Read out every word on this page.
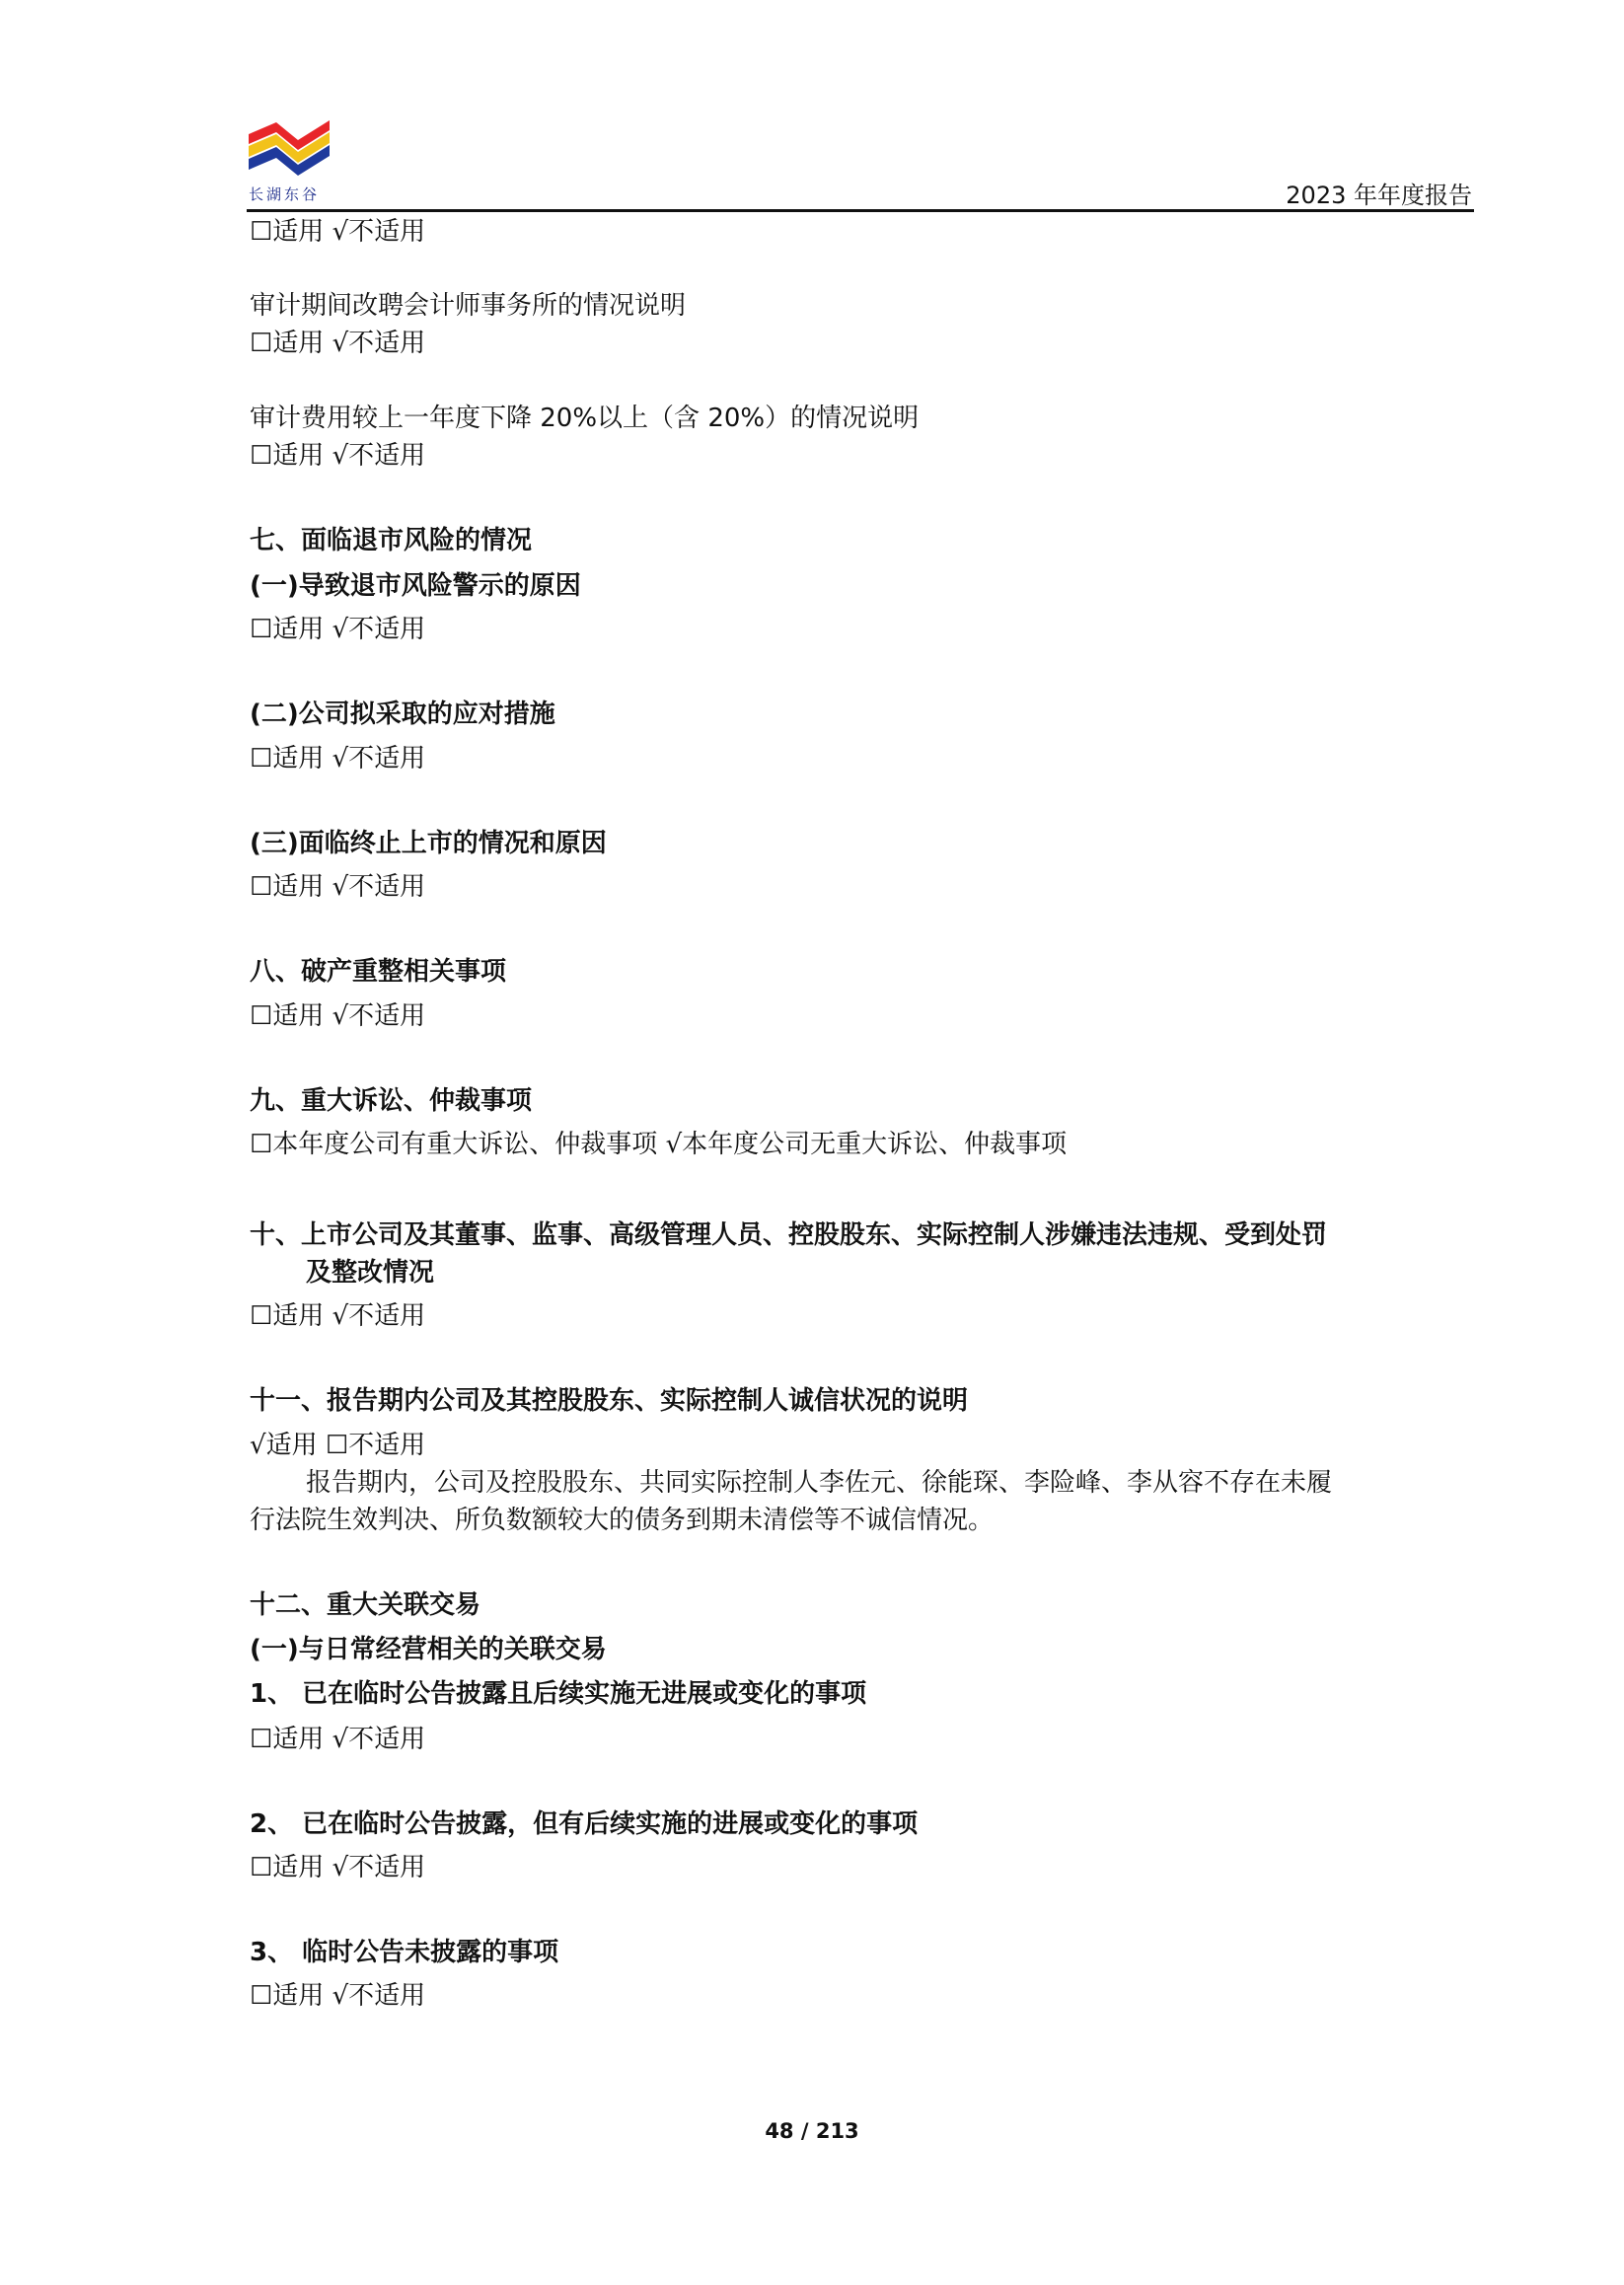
长湖东谷	2023 年年度报告
☐适用 √不适用
审计期间改聘会计师事务所的情况说明
☐适用 √不适用
审计费用较上一年度下降 20%以上（含 20%）的情况说明
☐适用 √不适用
七、面临退市风险的情况
(一)导致退市风险警示的原因
☐适用 √不适用
(二)公司拟采取的应对措施
☐适用 √不适用
(三)面临终止上市的情况和原因
☐适用 √不适用
八、破产重整相关事项
☐适用 √不适用
九、重大诉讼、仲裁事项
☐本年度公司有重大诉讼、仲裁事项 √本年度公司无重大诉讼、仲裁事项
十、上市公司及其董事、监事、高级管理人员、控股股东、实际控制人涉嫌违法违规、受到处罚
及整改情况
☐适用 √不适用
十一、报告期内公司及其控股股东、实际控制人诚信状况的说明
√适用 ☐不适用
报告期内，公司及控股股东、共同实际控制人李佐元、徐能琛、李险峰、李从容不存在未履
行法院生效判决、所负数额较大的债务到期未清偿等不诚信情况。
十二、重大关联交易
(一)与日常经营相关的关联交易
1、 已在临时公告披露且后续实施无进展或变化的事项
☐适用 √不适用
2、 已在临时公告披露，但有后续实施的进展或变化的事项
☐适用 √不适用
3、 临时公告未披露的事项
☐适用 √不适用
48 / 213
